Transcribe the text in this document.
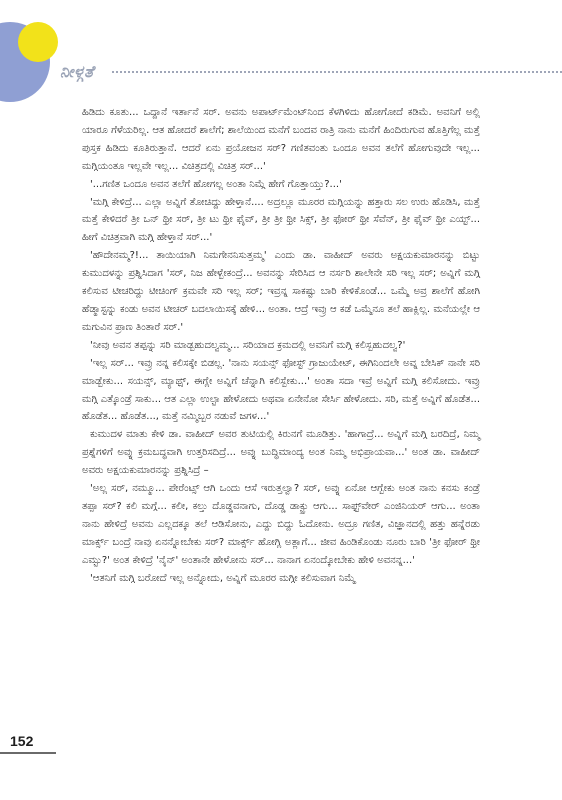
ನೀಳ್ಗತೆ

ಹಿಡಿದು ಕೂತು... ಒದ್ದಾನೆ ಇರ್ತಾನೆ ಸರ್. ಅವನು ಅಪಾರ್ಟ್‌ಮೆಂಟ್‌ನಿಂದ ಕೆಳಗಿಳಿದು ಹೋಗೋದೆ ಕಡಿಮೆ. ಅವನಿಗೆ ಅಲ್ಲಿ ಯಾರೂ ಗೆಳೆಯರಿಲ್ಲ. ಆತ ಹೋದರೆ ಶಾಲೆಗೆ; ಶಾಲೆಯಿಂದ ಮನೆಗೆ ಬಂದವ ರಾತ್ರಿ ನಾನು ಮನೆಗೆ ಹಿಂದಿರುಗುವ ಹೊತ್ತಿಗೆಲ್ಲ ಮತ್ತೆ ಪುಸ್ತಕ ಹಿಡಿದು ಕೂತಿರುತ್ತಾನೆ. ಆದರೆ ಏನು ಪ್ರಯೋಜನ ಸರ್? ಗಣಿತವಂತು ಒಂದೂ ಅವನ ತಲೆಗೆ ಹೋಗುವುದೇ ಇಲ್ಲ... ಮಗ್ಗಿಯಂತೂ ಇಲ್ಲವೇ ಇಲ್ಲ... ವಿಚಿತ್ರದಲ್ಲಿ ವಿಚಿತ್ರ ಸರ್...'

'...ಗಣಿತ ಒಂದೂ ಅವನ ತಲೆಗೆ ಹೋಗಲ್ಲ ಅಂತಾ ನಿಮ್ಗೆ ಹೇಗೆ ಗೊತ್ತಾಯ್ತು?...'

'ಮಗ್ಗಿ ಕೇಳಿದ್ರೆ... ಎಲ್ಲಾ ಅವ್ನಿಗೆ ತೋಚಿದ್ದು ಹೇಳ್ತಾನೆ.... ಅದ್ರಲ್ಲೂ ಮೂರರ ಮಗ್ಗಿಯನ್ನು ಹತ್ತಾರು ಸಲ ಉರು ಹೊಡಿಸಿ, ಮತ್ತೆ ಮತ್ತೆ ಕೇಳಿದರೆ ತ್ರೀ ಒನ್ ಥ್ರೀ ಸರ್, ತ್ರೀ ಟು ಥ್ರೀ ಫೈವ್, ತ್ರೀ ತ್ರೀ ಥ್ರೀ ಸಿಕ್ಸ್, ತ್ರೀ ಫೋರ್ ಥ್ರೀ ಸೆವೆನ್, ತ್ರೀ ಫೈವ್ ಥ್ರೀ ಎಯ್ಟ್... ಹೀಗೆ ವಿಚಿತ್ರವಾಗಿ ಮಗ್ಗಿ ಹೇಳ್ತಾನೆ ಸರ್...'

'ಹೌದೇನಮ್ಮ?!... ತಾಯಿಯಾಗಿ ನಿಮಗೇನನಿಸುತ್ತಮ್ಮ' ಎಂದು ಡಾ. ವಾಹೀದ್ ಅವರು ಅಕ್ಷಯಕುಮಾರನನ್ನು ಬಿಟ್ಟು ಕುಮುದಳನ್ನು ಪ್ರಶ್ನಿಸಿದಾಗ 'ಸರ್, ನಿಜ ಹೇಳ್ಬೇಕಂದ್ರೆ... ಅವನನ್ನು ಸೇರಿಸಿದ ಆ ನರ್ಸರಿ ಶಾಲೇನೇ ಸರಿ ಇಲ್ಲ ಸರ್; ಅವ್ನಿಗೆ ಮಗ್ಗಿ ಕಲಿಸುವ ಟೀಚರಿದ್ದು ಟೀಚಿಂಗ್ ಕ್ರಮವೇ ಸರಿ ಇಲ್ಲ ಸರ್; ಇವ್ರನ್ನ ಸಾಕಷ್ಟು ಬಾರಿ ಕೇಳಿಕೊಂಡೆ... ಒಮ್ಮೆ ಅವ್ರ ಶಾಲೆಗೆ ಹೋಗಿ ಹೆಡ್ಮಾಸ್ಟನ್ನು ಕಂಡು ಅವನ ಟೀಚರ್ ಬದಲಾಯಿಸಕ್ಕೆ ಹೇಳಿ... ಅಂತಾ. ಆದ್ರೆ ಇವ್ರು ಆ ಕಡೆ ಒಮ್ಮೆನೂ ತಲೆ ಹಾಕ್ಲಿಲ್ಲ. ಮನೆಯಲ್ಲೇ ಆ ಮಗುವಿನ ಪ್ರಾಣ ತಿಂತಾರೆ ಸರ್.'

'ನೀವು ಅವನ ತಪ್ಪನ್ನು ಸರಿ ಮಾಡ್ಬಹುದಲ್ವಮ್ಮ... ಸರಿಯಾದ ಕ್ರಮದಲ್ಲಿ ಅವನಿಗೆ ಮಗ್ಗಿ ಕಲಿಸ್ಬಹುದಲ್ವ?'

'ಇಲ್ಲ ಸರ್... ಇವ್ರು ನನ್ನ ಕಲಿಸಕ್ಕೇ ಬಿಡಲ್ಲ. 'ನಾನು ಸಯನ್ಸ್ ಫೋಸ್ಟ್ ಗ್ರಾಜುಯೇಟ್, ಈಗಿನಿಂದಲೇ ಅವ್ನ ಬೇಸಿಕ್ ನಾನೇ ಸರಿ ಮಾಡ್ಬೇಕು... ಸಯನ್ಸ್, ಮ್ಯಾಥ್ಸ್, ಈಗ್ಲೇ ಅವ್ನಿಗೆ ಚೆನ್ನಾಗಿ ಕಲಿಸ್ಬೇಕು...' ಅಂತಾ ಸದಾ ಇವ್ರೆ ಅವ್ನಿಗೆ ಮಗ್ಗಿ ಕಲಿಸೋದು. ಇವ್ರು ಮಗ್ಗಿ ಎತ್ಕೊಂಡ್ರೆ ಸಾಕು... ಆತ ಎಲ್ಲಾ ಉಲ್ಟಾ ಹೇಳೋದು ಅಥವಾ ಏನೇನೋ ಸೇರ್ಸಿ ಹೇಳೋದು. ಸರಿ, ಮತ್ತೆ ಅವ್ನಿಗೆ ಹೊಡೆತ... ಹೊಡೆತ... ಹೊಡೆತ..., ಮತ್ತೆ ನಮ್ಮಿಬ್ಬರ ನಡುವೆ ಜಗಳ...'

ಕುಮುದಳ ಮಾತು ಕೇಳಿ ಡಾ. ವಾಹೀದ್ ಅವರ ತುಟಿಯಲ್ಲಿ ಕಿರುನಗೆ ಮೂಡಿತ್ತು. 'ಹಾಗಾದ್ರೆ... ಅವ್ನಿಗೆ ಮಗ್ಗಿ ಬರದಿದ್ರೆ, ನಿಮ್ಮ ಪ್ರಶ್ನೆಗಳಿಗೆ ಅವ್ನು ಕ್ರಮಬದ್ಧವಾಗಿ ಉತ್ತರಿಸದಿದ್ರೆ... ಅವ್ನು ಬುದ್ಧಿಮಾಂದ್ಯ ಅಂತ ನಿಮ್ಮ ಅಭಿಪ್ರಾಯವಾ...' ಅಂತ ಡಾ. ವಾಹೀದ್ ಅವರು ಅಕ್ಷಯಕುಮಾರನನ್ನು ಪ್ರಶ್ನಿಸಿದ್ರೆ –

'ಅಲ್ಲ ಸರ್, ನಮ್ಮೂ... ಪೇರೆಂಟ್ಸ್ ಆಗಿ ಒಂದು ಆಸೆ ಇರುತ್ತಲ್ವಾ? ಸರ್, ಅವ್ನು ಏನೋ ಆಗ್ಬೇಕು ಅಂತ ನಾನು ಕನಸು ಕಂಡ್ರೆ ತಪ್ಪಾ ಸರ್? ಕಲಿ ಮಗ್ಗೆ... ಕಲೀ, ಕಲ್ತು ದೊಡ್ಡವನಾಗು, ದೊಡ್ಡ ಡಾಕ್ಟ್ರು ಆಗು... ಸಾಫ್ಟ್‌ವೇರ್ ಎಂಜಿನಿಯರ್ ಆಗು... ಅಂತಾ ನಾನು ಹೇಳಿದ್ರೆ ಅವನು ಎಲ್ಲದಕ್ಕೂ ತಲೆ ಆಡಿಸೋನು, ಎದ್ದು ಬಿದ್ದು ಓದೋನು. ಅದ್ರೂ ಗಣಿತ, ವಿಜ್ಞಾನದಲ್ಲಿ ಹತ್ತು ಹನ್ನೆರಡು ಮಾರ್ಕ್ಸ್ ಬಂದ್ರೆ ನಾವು ಏನನ್ನೋಬೇಕು ಸರ್? ಮಾರ್ಕ್ಸ್ ಹೋಗ್ಲಿ ಅತ್ಲಾಗೆ... ಜೀವ ಹಿಂಡಿಕೊಂಡು ನೂರು ಬಾರಿ 'ತ್ರೀ ಫೋರ್ ಥ್ರೀ ಎಮ್ಟು?' ಅಂತ ಕೇಳಿದ್ರೆ 'ನೈನ್' ಅಂತಾನೇ ಹೇಳೋನು ಸರ್... ನಾನಾಗ ಏನಂದ್ಕೋಬೇಕು ಹೇಳಿ ಅವನನ್ನ...'

'ಆತನಿಗೆ ಮಗ್ಗಿ ಬರೋದೆ ಇಲ್ಲ ಅನ್ನೋದು, ಅವ್ನಿಗೆ ಮೂರರ ಮಗ್ಗೀ ಕಲಿಸುವಾಗ ನಿಮ್ಮೆ

152
